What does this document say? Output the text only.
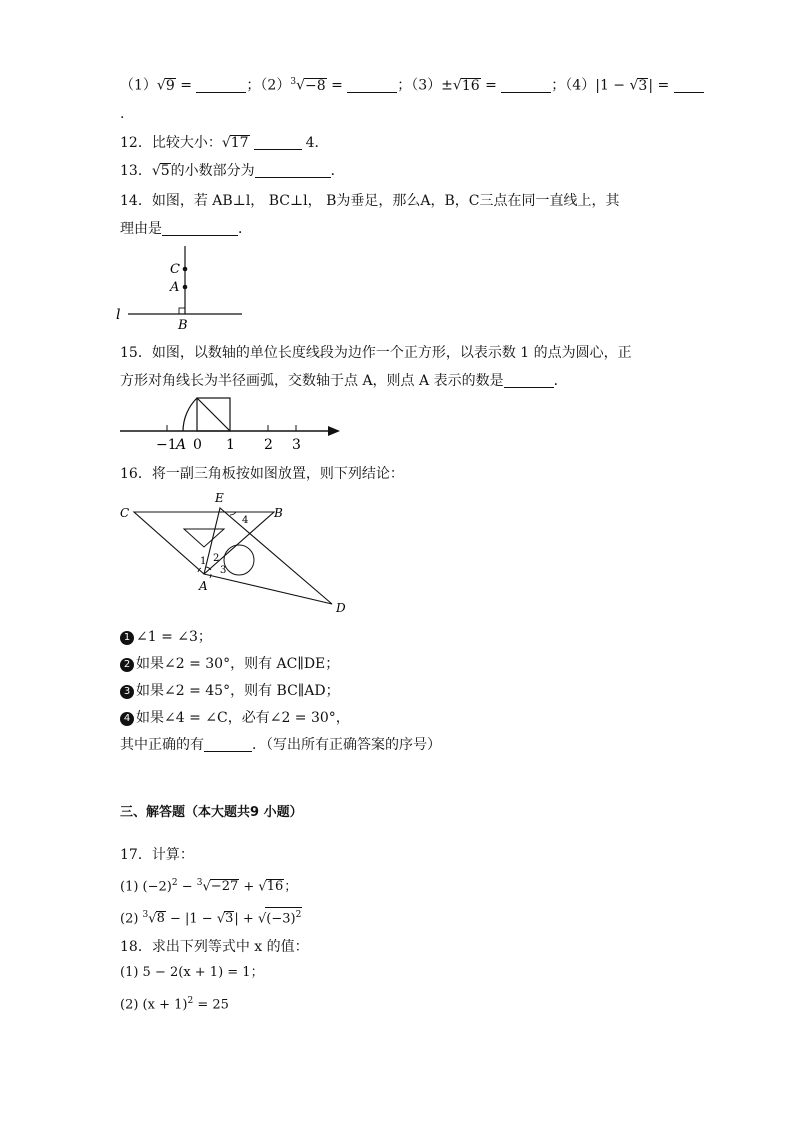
（1）√9 =	；$(2)^3√-8$ =	；（3）±√16 =	；（4）|1 − √3| =
.
12．比较大小：√17	4．
13．√5的小数部分为	．
14．如图，若 AB⊥l， BC⊥l， B为垂足，那么A，B，C三点在同一直线上，其
理由是	．
C
A
l
B
15．如图，以数轴的单位长度线段为边作一个正方形，以表示数 1 的点为圆心，正
方形对角线长为半径画弧，交数轴于点 A，则点 A 表示的数是	．
−1 A 0 1 2 3
16．将一副三角板按如图放置，则下列结论：
C
E
B
A
D
1 2
3
4
1 ∠1 = ∠3；
2 如果∠2 = 30°，则有 AC∥DE；
3 如果∠2 = 45°，则有 BC∥AD；
4 如果∠4 = ∠C，必有∠2 = 30°，
其中正确的有	．（写出所有正确答案的序号）
三、解答题（本大题共9 小题）
17．计算：
(1) $(-2)^2 - ^3√-27 + √16$；
(2) $^3√8 - |1 - √3| + √(-3)^2$
18．求出下列等式中 x 的值：
(1) 5 − 2(x + 1) = 1；
(2) $(x + 1)^2 = 25$
